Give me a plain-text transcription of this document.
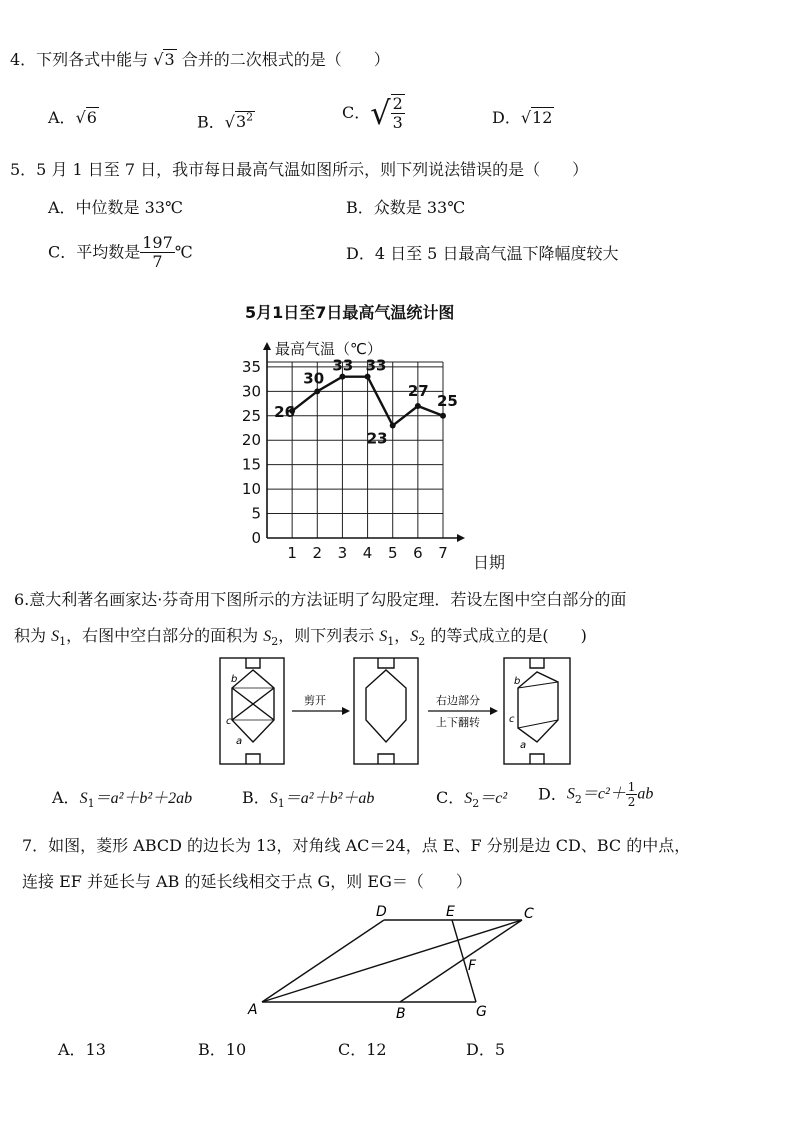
4．下列各式中能与 √3 合并的二次根式的是（　　）
A．√6	B．$√3^2$	C．√ $\frac{2}{3}$	D．√12
5．5 月 1 日至 7 日，我市每日最高气温如图所示，则下列说法错误的是（　　）
A．中位数是 33℃	B．众数是 33℃
C．平均数是 $\frac{197}{7}$ ℃	D．4 日至 5 日最高气温下降幅度较大
5月1日至7日最高气温统计图
最高气温（℃）
日期
0
5
10
15
20
25
30
35
1 2 3 4 5 6 7
26
30
33 33
23
27
25
6.意大利著名画家达·芬奇用下图所示的方法证明了勾股定理．若设左图中空白部分的面
积为 $S_1$，右图中空白部分的面积为 $S_2$，则下列表示 $S_1$，$S_2$ 的等式成立的是(　　)
b
c
a
剪开	右边部分
上下翻转
b
c
a
A．$S_1=a^2+b^2+2ab$	B．$S_1=a^2+b^2+ab$	C．$S_2=c^2$ D．$S_2=c^2+ \frac{1}{2}$ ab
7．如图，菱形 ABCD 的边长为 13，对角线 AC＝24，点 E、F 分别是边 CD、BC 的中点，
连接 EF 并延长与 AB 的延长线相交于点 G，则 EG＝（　　）
D	E	C
F
A	B	G
A．13	B．10	C．12	D．5
